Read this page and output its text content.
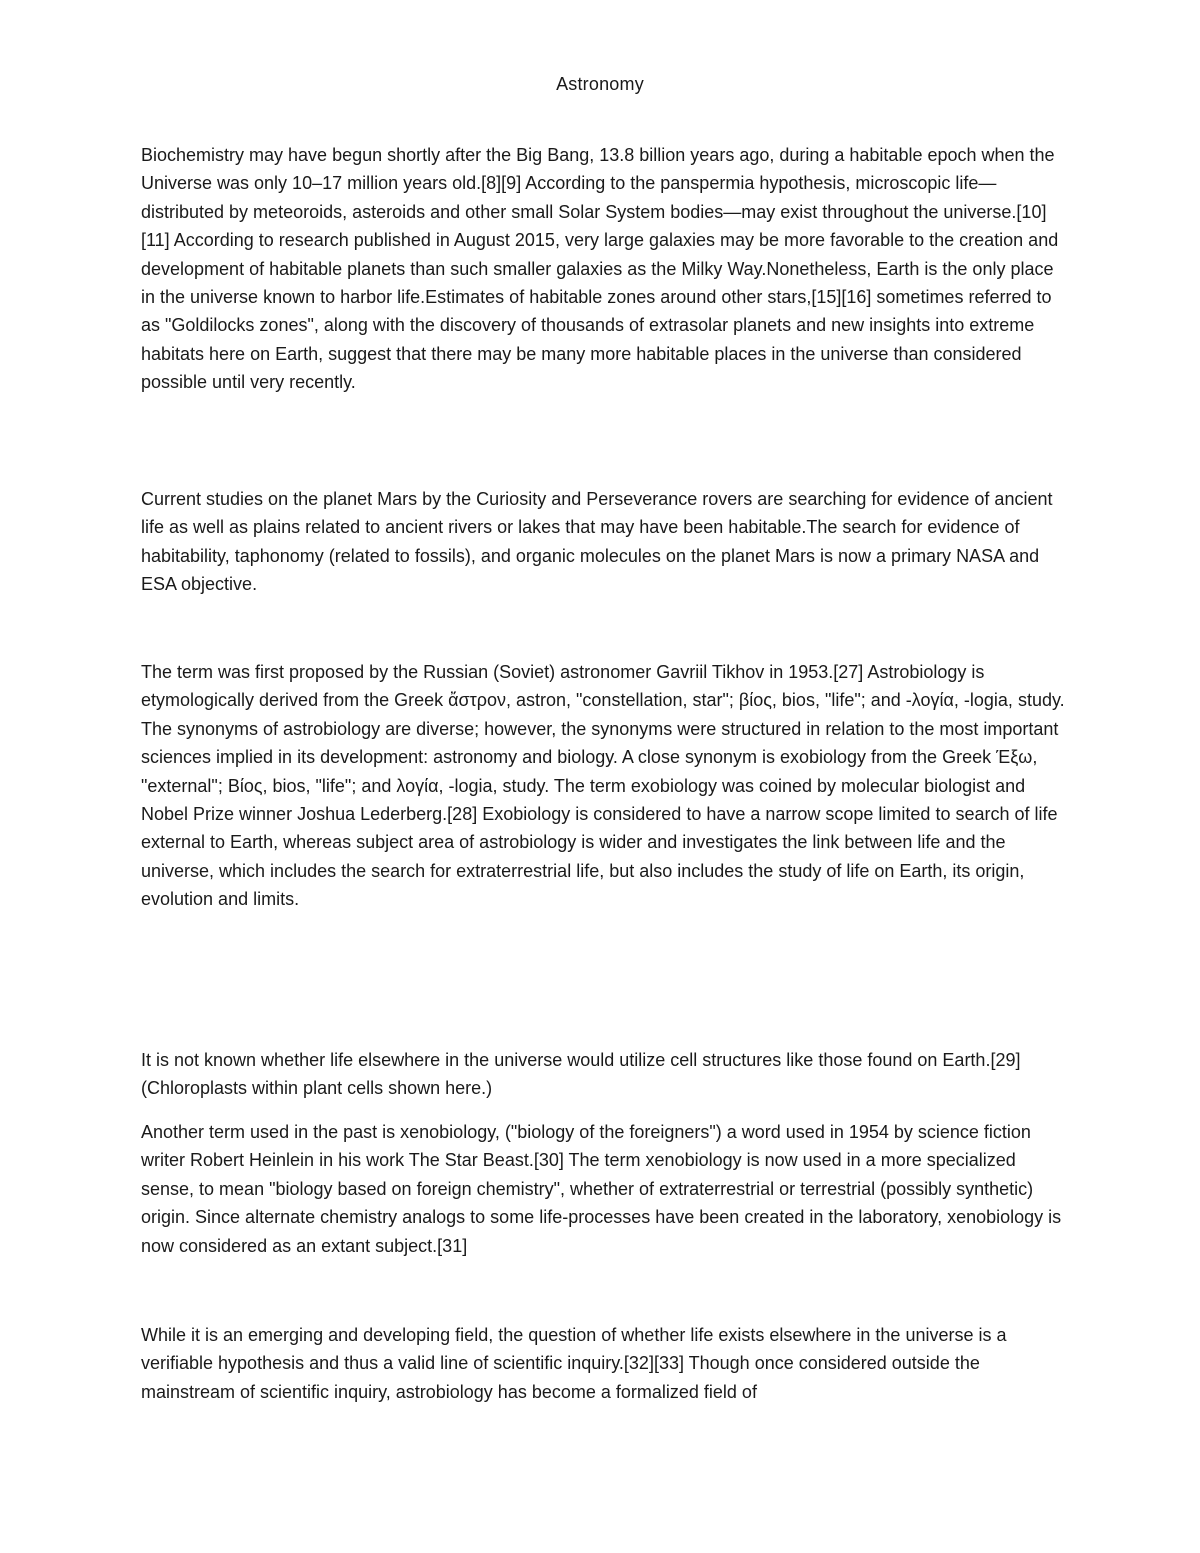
Astronomy

Biochemistry may have begun shortly after the Big Bang, 13.8 billion years ago, during a habitable epoch when the Universe was only 10–17 million years old.[8][9] According to the panspermia hypothesis, microscopic life—distributed by meteoroids, asteroids and other small Solar System bodies—may exist throughout the universe.[10][11] According to research published in August 2015, very large galaxies may be more favorable to the creation and development of habitable planets than such smaller galaxies as the Milky Way.Nonetheless, Earth is the only place in the universe known to harbor life.Estimates of habitable zones around other stars,[15][16] sometimes referred to as "Goldilocks zones", along with the discovery of thousands of extrasolar planets and new insights into extreme habitats here on Earth, suggest that there may be many more habitable places in the universe than considered possible until very recently.

Current studies on the planet Mars by the Curiosity and Perseverance rovers are searching for evidence of ancient life as well as plains related to ancient rivers or lakes that may have been habitable.The search for evidence of habitability, taphonomy (related to fossils), and organic molecules on the planet Mars is now a primary NASA and ESA objective.

The term was first proposed by the Russian (Soviet) astronomer Gavriil Tikhov in 1953.[27] Astrobiology is etymologically derived from the Greek ἄστρον, astron, "constellation, star"; βίος, bios, "life"; and -λογία, -logia, study. The synonyms of astrobiology are diverse; however, the synonyms were structured in relation to the most important sciences implied in its development: astronomy and biology. A close synonym is exobiology from the Greek Έξω, "external"; Βίος, bios, "life"; and λογία, -logia, study. The term exobiology was coined by molecular biologist and Nobel Prize winner Joshua Lederberg.[28] Exobiology is considered to have a narrow scope limited to search of life external to Earth, whereas subject area of astrobiology is wider and investigates the link between life and the universe, which includes the search for extraterrestrial life, but also includes the study of life on Earth, its origin, evolution and limits.

It is not known whether life elsewhere in the universe would utilize cell structures like those found on Earth.[29] (Chloroplasts within plant cells shown here.)

Another term used in the past is xenobiology, ("biology of the foreigners") a word used in 1954 by science fiction writer Robert Heinlein in his work The Star Beast.[30] The term xenobiology is now used in a more specialized sense, to mean "biology based on foreign chemistry", whether of extraterrestrial or terrestrial (possibly synthetic) origin. Since alternate chemistry analogs to some life-processes have been created in the laboratory, xenobiology is now considered as an extant subject.[31]

While it is an emerging and developing field, the question of whether life exists elsewhere in the universe is a verifiable hypothesis and thus a valid line of scientific inquiry.[32][33] Though once considered outside the mainstream of scientific inquiry, astrobiology has become a formalized field of
